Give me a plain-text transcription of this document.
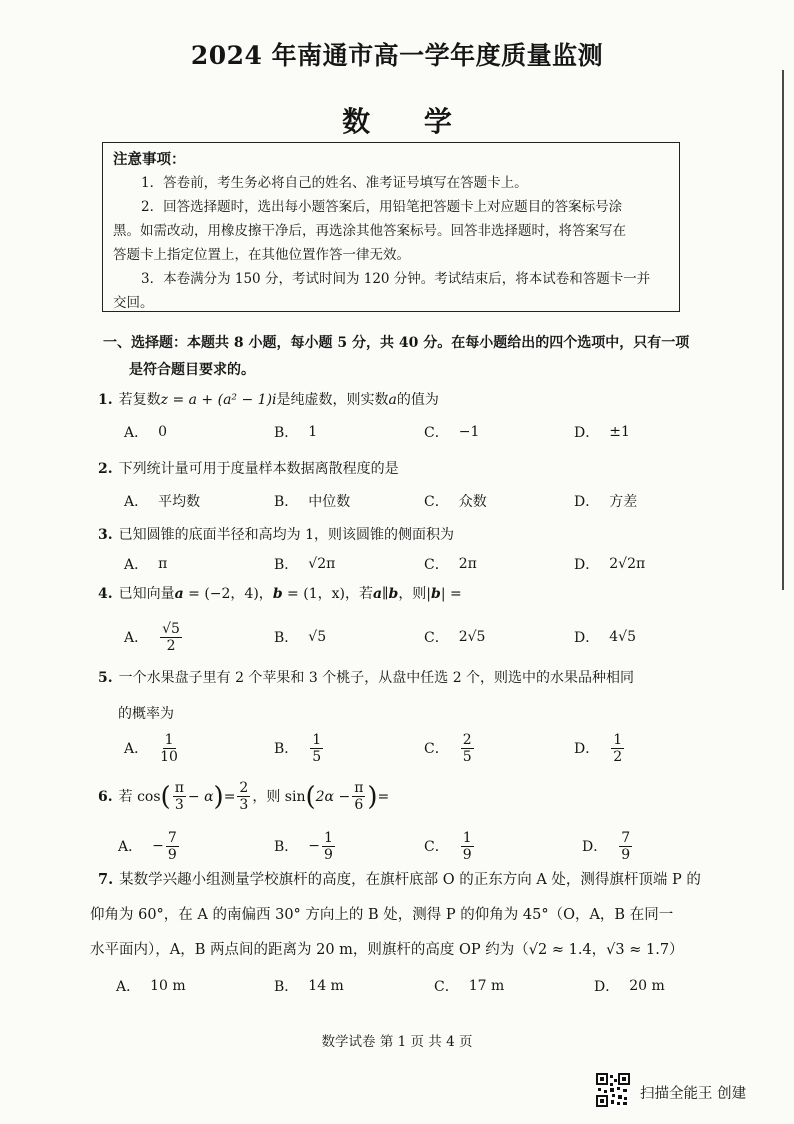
2024 年南通市高一学年度质量监测
数 学
注意事项：

1．答卷前，考生务必将自己的姓名、准考证号填写在答题卡上。

2．回答选择题时，选出每小题答案后，用铅笔把答题卡上对应题目的答案标号涂

黑。如需改动，用橡皮擦干净后，再选涂其他答案标号。回答非选择题时，将答案写在

答题卡上指定位置上，在其他位置作答一律无效。

3．本卷满分为 150 分，考试时间为 120 分钟。考试结束后，将本试卷和答题卡一并

交回。

一、选择题：本题共 8 小题，每小题 5 分，共 40 分。在每小题给出的四个选项中，只有一项
是符合题目要求的。
1. 若复数z = a + (a² − 1)i是纯虚数，则实数a的值为
A． 0	B． 1	C． −1	D． ±1
2. 下列统计量可用于度量样本数据离散程度的是
A． 平均数	B． 中位数	C． 众数	D． 方差
3. 已知圆锥的底面半径和高均为 1，则该圆锥的侧面积为
A． π	B． √2π	C． 2π	D． 2√2π
4. 已知向量a = (−2，4)，b = (1，x)，若a∥b，则|b| =
A． $\frac{√5}{2}$	B． √5	C． 2√5	D． 4√5
5. 一个水果盘子里有 2 个苹果和 3 个桃子，从盘中任选 2 个，则选中的水果品种相同
的概率为
A． $\frac{1}{10}$	B． $\frac{1}{5}$	C． $\frac{2}{5}$	D． $\frac{1}{2}$
6. 若 cos ( $\frac{\pi}{3} - \alpha$ ) = $\frac{2}{3}$ ，则 sin ( $2\alpha - \frac{\pi}{6}$ ) =
A． − $\frac{7}{9}$	B． − $\frac{1}{9}$	C． $\frac{1}{9}$	D． $\frac{7}{9}$
7. 某数学兴趣小组测量学校旗杆的高度，在旗杆底部 O 的正东方向 A 处，测得旗杆顶端 P 的
仰角为 60°，在 A 的南偏西 30° 方向上的 B 处，测得 P 的仰角为 45°（O，A，B 在同一
水平面内），A，B 两点间的距离为 20 m，则旗杆的高度 OP 约为（√2 ≈ 1.4，√3 ≈ 1.7）
A． 10 m	B． 14 m	C． 17 m	D． 20 m
数学试卷 第 1 页 共 4 页
扫描全能王 创建
